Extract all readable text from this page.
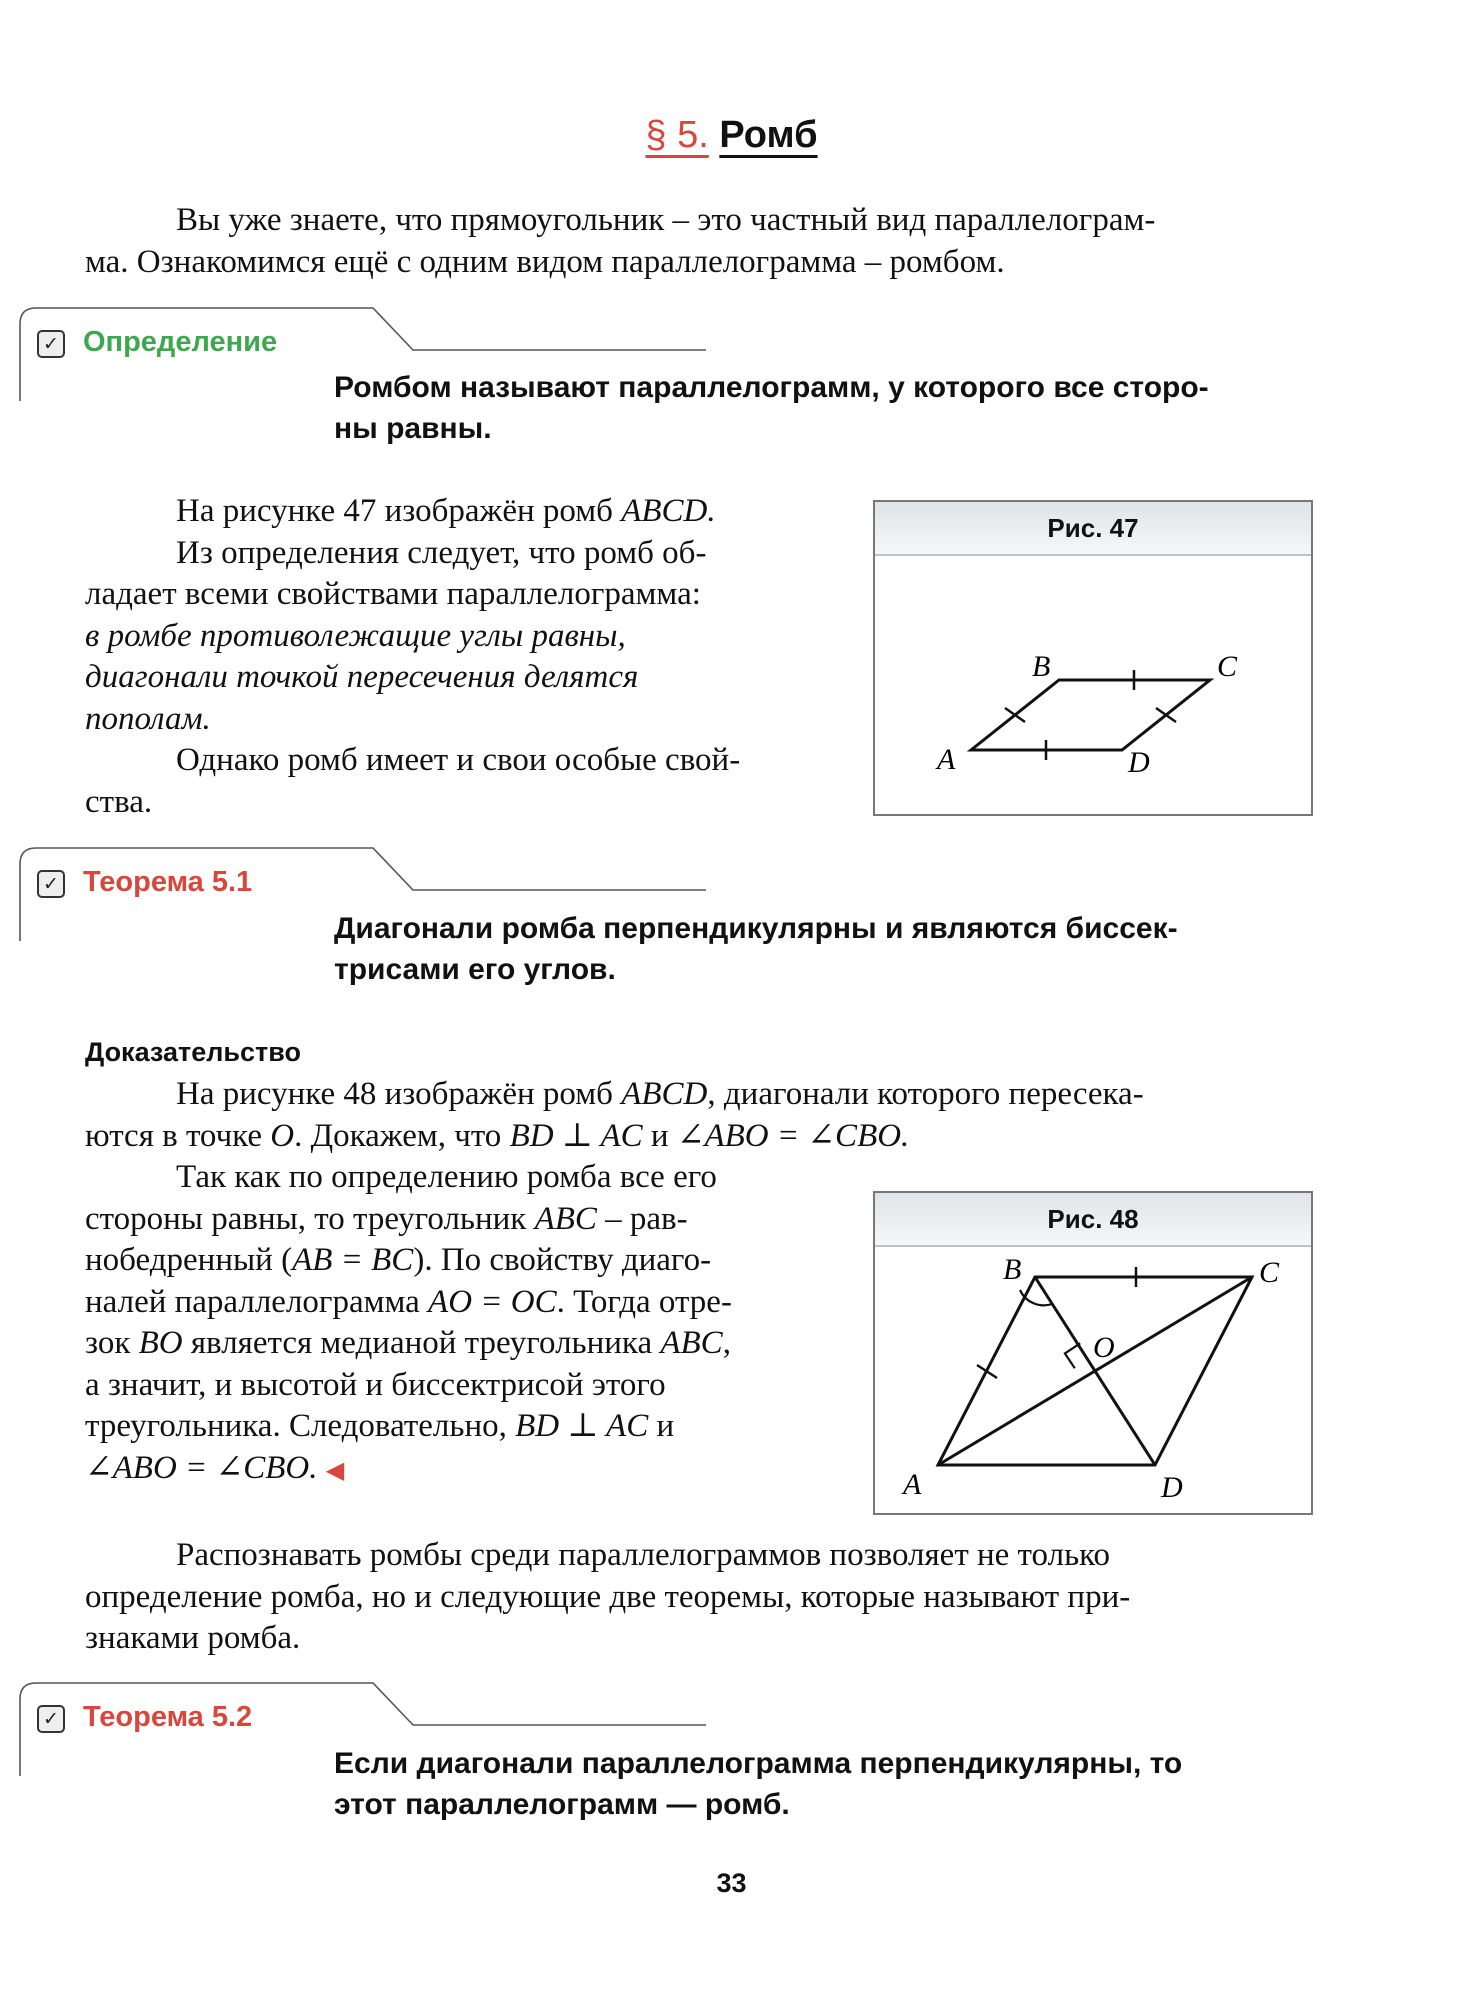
§ 5. Ромб
Вы уже знаете, что прямоугольник – это частный вид параллелограм-
ма. Ознакомимся ещё с одним видом параллелограмма – ромбом.
✓ Определение
Ромбом называют параллелограмм, у которого все сторо-
ны равны.
На рисунке 47 изображён ромб ABCD.
Из определения следует, что ромб об-
ладает всеми свойствами параллелограмма:
в ромбе противолежащие углы равны,
диагонали точкой пересечения делятся
пополам.
Однако ромб имеет и свои особые свой-
ства.
Рис. 47
A
B	C
D
✓ Теорема 5.1
Диагонали ромба перпендикулярны и являются биссек-
трисами его углов.
Доказательство
На рисунке 48 изображён ромб ABCD, диагонали которого пересека-
ются в точке O. Докажем, что BD ⊥ AC и ∠ABO = ∠CBO.
Так как по определению ромба все его
стороны равны, то треугольник ABC – рав-
нобедренный (AB = BC). По свойству диаго-
налей параллелограмма AO = OC. Тогда отре-
зок BO является медианой треугольника ABC,
а значит, и высотой и биссектрисой этого
треугольника. Следовательно, BD ⊥ AC и
∠ABO = ∠CBO. ◀
Рис. 48
A
B	C
D
O
Распознавать ромбы среди параллелограммов позволяет не только
определение ромба, но и следующие две теоремы, которые называют при-
знаками ромба.
✓ Теорема 5.2
Если диагонали параллелограмма перпендикулярны, то
этот параллелограмм — ромб.
33
